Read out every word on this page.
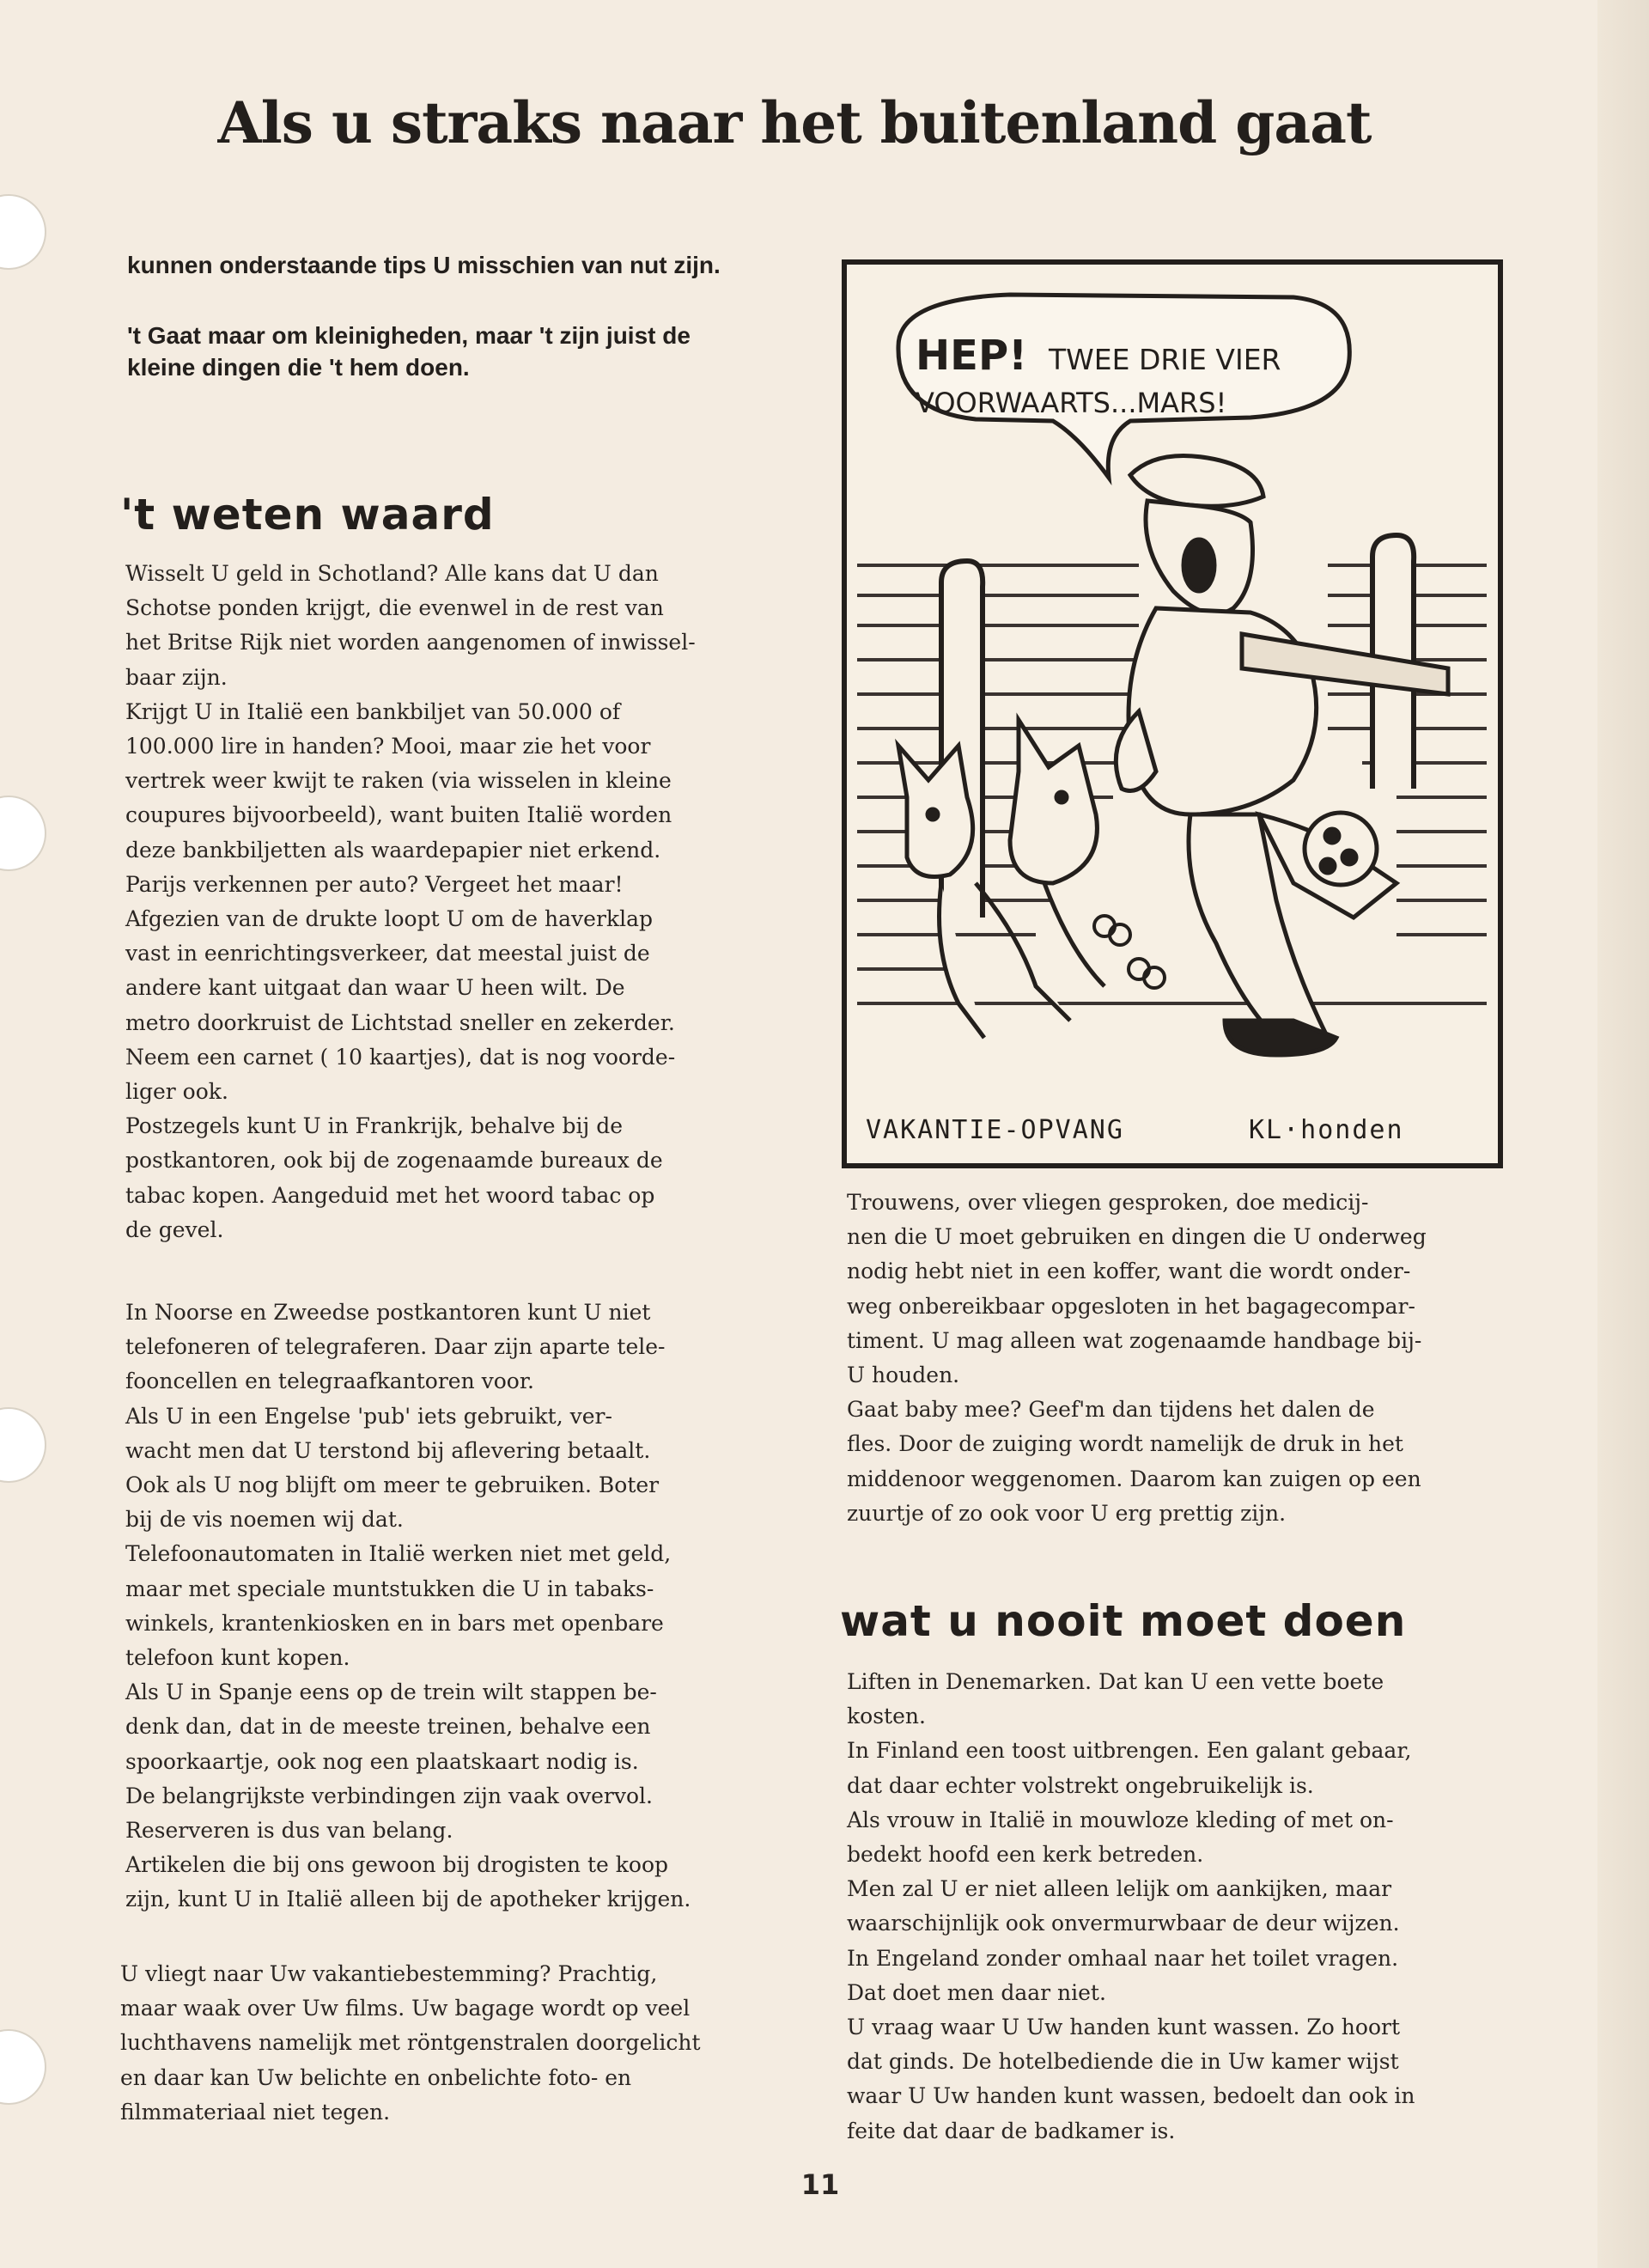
Als u straks naar het buitenland gaat
kunnen onderstaande tips U misschien van nut zijn.
't Gaat maar om kleinigheden, maar 't zijn juist de kleine dingen die 't hem doen.
't weten waard

Wisselt U geld in Schotland? Alle kans dat U dan

Schotse ponden krijgt, die evenwel in de rest van

het Britse Rijk niet worden aangenomen of inwissel-

baar zijn.

Krijgt U in Italië een bankbiljet van 50.000 of

100.000 lire in handen? Mooi, maar zie het voor

vertrek weer kwijt te raken (via wisselen in kleine

coupures bijvoorbeeld), want buiten Italië worden

deze bankbiljetten als waardepapier niet erkend.

Parijs verkennen per auto? Vergeet het maar!

Afgezien van de drukte loopt U om de haverklap

vast in eenrichtingsverkeer, dat meestal juist de

andere kant uitgaat dan waar U heen wilt. De

metro doorkruist de Lichtstad sneller en zekerder.

Neem een carnet ( 10 kaartjes), dat is nog voorde-

liger ook.

Postzegels kunt U in Frankrijk, behalve bij de

postkantoren, ook bij de zogenaamde bureaux de

tabac kopen. Aangeduid met het woord tabac op

de gevel.

In Noorse en Zweedse postkantoren kunt U niet

telefoneren of telegraferen. Daar zijn aparte tele-

fooncellen en telegraafkantoren voor.

Als U in een Engelse 'pub' iets gebruikt, ver-

wacht men dat U terstond bij aflevering betaalt.

Ook als U nog blijft om meer te gebruiken. Boter

bij de vis noemen wij dat.

Telefoonautomaten in Italië werken niet met geld,

maar met speciale muntstukken die U in tabaks-

winkels, krantenkiosken en in bars met openbare

telefoon kunt kopen.

Als U in Spanje eens op de trein wilt stappen be-

denk dan, dat in de meeste treinen, behalve een

spoorkaartje, ook nog een plaatskaart nodig is.

De belangrijkste verbindingen zijn vaak overvol.

Reserveren is dus van belang.

Artikelen die bij ons gewoon bij drogisten te koop

zijn, kunt U in Italië alleen bij de apotheker krijgen.

U vliegt naar Uw vakantiebestemming? Prachtig,

maar waak over Uw films. Uw bagage wordt op veel

luchthavens namelijk met röntgenstralen doorgelicht

en daar kan Uw belichte en onbelichte foto- en

filmmateriaal niet tegen.

HEP! TWEE DRIE VIER
VOORWAARTS...MARS!
VAKANTIE-OPVANG	KL·honden

Trouwens, over vliegen gesproken, doe medicij-

nen die U moet gebruiken en dingen die U onderweg

nodig hebt niet in een koffer, want die wordt onder-

weg onbereikbaar opgesloten in het bagagecompar-

timent. U mag alleen wat zogenaamde handbage bij-

U houden.

Gaat baby mee? Geef'm dan tijdens het dalen de

fles. Door de zuiging wordt namelijk de druk in het

middenoor weggenomen. Daarom kan zuigen op een

zuurtje of zo ook voor U erg prettig zijn.

wat u nooit moet doen

Liften in Denemarken. Dat kan U een vette boete

kosten.

In Finland een toost uitbrengen. Een galant gebaar,

dat daar echter volstrekt ongebruikelijk is.

Als vrouw in Italië in mouwloze kleding of met on-

bedekt hoofd een kerk betreden.

Men zal U er niet alleen lelijk om aankijken, maar

waarschijnlijk ook onvermurwbaar de deur wijzen.

In Engeland zonder omhaal naar het toilet vragen.

Dat doet men daar niet.

U vraag waar U Uw handen kunt wassen. Zo hoort

dat ginds. De hotelbediende die in Uw kamer wijst

waar U Uw handen kunt wassen, bedoelt dan ook in

feite dat daar de badkamer is.

11
